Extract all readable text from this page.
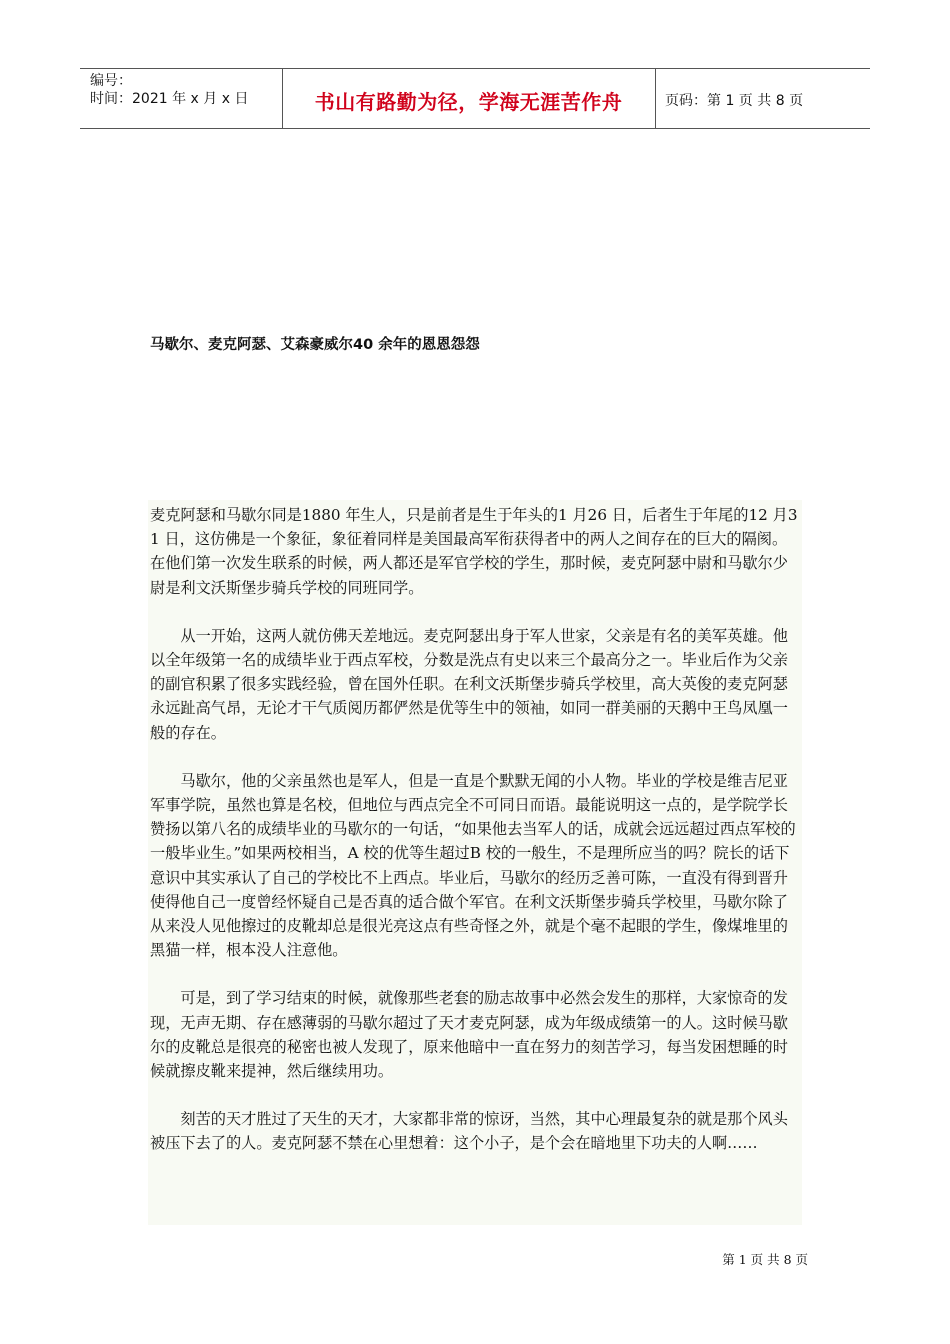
编号：
时间：2021 年 x 月 x 日	书山有路勤为径，学海无涯苦作舟	页码：第 1 页 共 8 页
马歇尔、麦克阿瑟、艾森豪威尔40 余年的恩恩怨怨

麦克阿瑟和马歇尔同是1880 年生人，只是前者是生于年头的1 月26 日，后者生于年尾的12 月31 日，这仿佛是一个象征，象征着同样是美国最高军衔获得者中的两人之间存在的巨大的隔阂。

在他们第一次发生联系的时候，两人都还是军官学校的学生，那时候，麦克阿瑟中尉和马歇尔少尉是利文沃斯堡步骑兵学校的同班同学。

从一开始，这两人就仿佛天差地远。麦克阿瑟出身于军人世家，父亲是有名的美军英雄。他以全年级第一名的成绩毕业于西点军校，分数是洗点有史以来三个最高分之一。毕业后作为父亲的副官积累了很多实践经验，曾在国外任职。在利文沃斯堡步骑兵学校里，高大英俊的麦克阿瑟永远趾高气昂，无论才干气质阅历都俨然是优等生中的领袖，如同一群美丽的天鹅中王鸟凤凰一般的存在。

马歇尔，他的父亲虽然也是军人，但是一直是个默默无闻的小人物。毕业的学校是维吉尼亚军事学院，虽然也算是名校，但地位与西点完全不可同日而语。最能说明这一点的，是学院学长赞扬以第八名的成绩毕业的马歇尔的一句话，“如果他去当军人的话，成就会远远超过西点军校的一般毕业生。”如果两校相当，A 校的优等生超过B 校的一般生，不是理所应当的吗？院长的话下意识中其实承认了自己的学校比不上西点。毕业后，马歇尔的经历乏善可陈，一直没有得到晋升使得他自己一度曾经怀疑自己是否真的适合做个军官。在利文沃斯堡步骑兵学校里，马歇尔除了从来没人见他擦过的皮靴却总是很光亮这点有些奇怪之外，就是个毫不起眼的学生，像煤堆里的黑猫一样，根本没人注意他。

可是，到了学习结束的时候，就像那些老套的励志故事中必然会发生的那样，大家惊奇的发现，无声无期、存在感薄弱的马歇尔超过了天才麦克阿瑟，成为年级成绩第一的人。这时候马歇尔的皮靴总是很亮的秘密也被人发现了，原来他暗中一直在努力的刻苦学习，每当发困想睡的时候就擦皮靴来提神，然后继续用功。

刻苦的天才胜过了天生的天才，大家都非常的惊讶，当然，其中心理最复杂的就是那个风头被压下去了的人。麦克阿瑟不禁在心里想着：这个小子，是个会在暗地里下功夫的人啊……

第 1 页 共 8 页
